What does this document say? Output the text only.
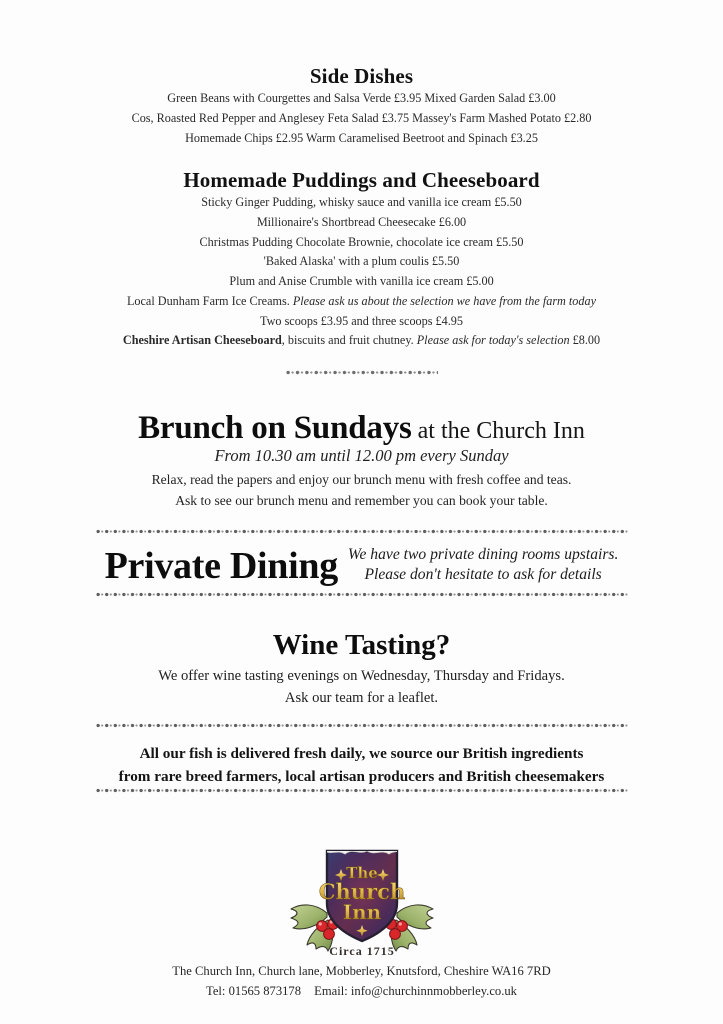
Side Dishes
Green Beans with Courgettes and Salsa Verde £3.95 Mixed Garden Salad £3.00
Cos, Roasted Red Pepper and Anglesey Feta Salad £3.75 Massey's Farm Mashed Potato £2.80
Homemade Chips £2.95 Warm Caramelised Beetroot and Spinach £3.25
Homemade Puddings and Cheeseboard
Sticky Ginger Pudding, whisky sauce and vanilla ice cream £5.50
Millionaire's Shortbread Cheesecake £6.00
Christmas Pudding Chocolate Brownie, chocolate ice cream £5.50
'Baked Alaska' with a plum coulis £5.50
Plum and Anise Crumble with vanilla ice cream £5.00
Local Dunham Farm Ice Creams. Please ask us about the selection we have from the farm today
Two scoops £3.95 and three scoops £4.95
Cheshire Artisan Cheeseboard, biscuits and fruit chutney. Please ask for today's selection £8.00
Brunch on Sundays at the Church Inn
From 10.30 am until 12.00 pm every Sunday
Relax, read the papers and enjoy our brunch menu with fresh coffee and teas.
Ask to see our brunch menu and remember you can book your table.
Private Dining We have two private dining rooms upstairs.
Please don't hesitate to ask for details
Wine Tasting?
We offer wine tasting evenings on Wednesday, Thursday and Fridays.
Ask our team for a leaflet.
All our fish is delivered fresh daily, we source our British ingredients
from rare breed farmers, local artisan producers and British cheesemakers
The
Church
Inn
Circa 1715
The Church Inn, Church lane, Mobberley, Knutsford, Cheshire WA16 7RD
Tel: 01565 873178 Email: info@churchinnmobberley.co.uk
